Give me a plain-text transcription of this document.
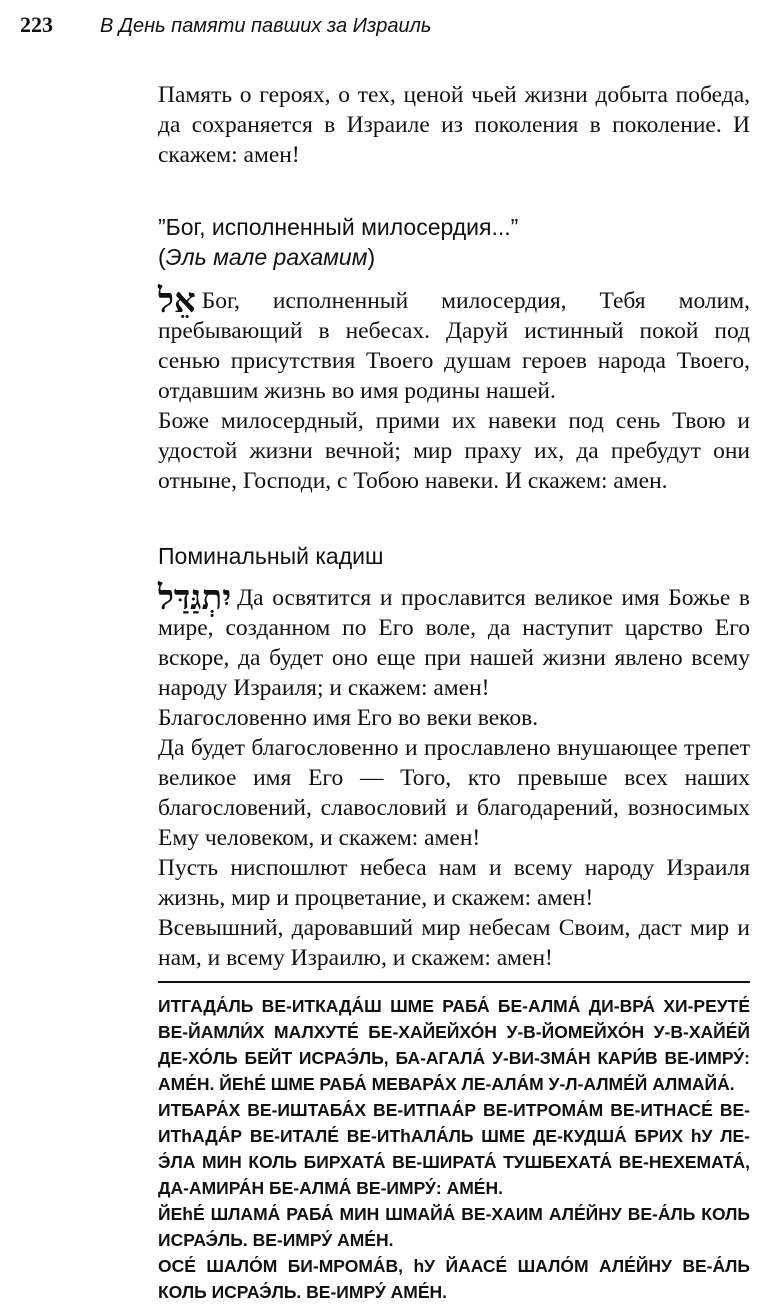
223 В День памяти павших за Израиль

Память о героях, о тех, ценой чьей жизни добыта победа, да сохраняется в Израиле из поколения в поколение. И скажем: амен!

”Бог, исполненный милосердия...”
(Эль мале рахамим)

אֵל Бог, исполненный милосердия, Тебя молим, пребывающий в небесах. Даруй истинный покой под сенью присутствия Твоего душам героев народа Твоего, отдавшим жизнь во имя родины нашей.

Боже милосердный, прими их навеки под сень Твою и удостой жизни вечной; мир праху их, да пребудут они отныне, Господи, с Тобою навеки. И скажем: амен.

Поминальный кадиш

יִתְגַּדַּל Да освятится и прославится великое имя Божье в мире, созданном по Его воле, да наступит царство Его вскоре, да будет оно еще при нашей жизни явлено всему народу Израиля; и скажем: амен!

Благословенно имя Его во веки веков.

Да будет благословенно и прославлено внушающее трепет великое имя Его — Того, кто превыше всех наших благословений, славословий и благодарений, возносимых Ему человеком, и скажем: амен!

Пусть ниспошлют небеса нам и всему народу Израиля жизнь, мир и процветание, и скажем: амен!

Всевышний, даровавший мир небесам Своим, даст мир и нам, и всему Израилю, и скажем: амен!

ИТГАДА́ЛЬ ВЕ-ИТКАДА́Ш ШМЕ РАБА́ БЕ-АЛМА́ ДИ-ВРА́ ХИ-РЕУТЕ́ ВЕ-ЙАМЛИ́Х МАЛХУТЕ́ БЕ-ХАЙЕЙХО́Н У-В-ЙОМЕЙХО́Н У-В-ХАЙЕ́Й ДЕ-ХО́ЛЬ БЕЙТ ИСРАЭ́ЛЬ, БА-АГАЛА́ У-ВИ-ЗМА́Н КАРИ́В ВЕ-ИМРУ́: АМЕ́Н. ЙЕhЕ́ ШМЕ РАБА́ МЕВАРА́Х ЛЕ-АЛА́М У-Л-АЛМЕ́Й АЛМАЙА́.

ИТБАРА́Х ВЕ-ИШТАБА́Х ВЕ-ИТПАА́Р ВЕ-ИТРОМА́М ВЕ-ИТНАСЕ́ ВЕ-ИТhАДА́Р ВЕ-ИТАЛЕ́ ВЕ-ИТhАЛА́ЛЬ ШМЕ ДЕ-КУДША́ БРИХ hУ ЛЕ-Э́ЛА МИН КОЛЬ БИРХАТА́ ВЕ-ШИРАТА́ ТУШБЕХАТА́ ВЕ-НЕХЕМАТА́, ДА-АМИРА́Н БЕ-АЛМА́ ВЕ-ИМРУ́: АМЕ́Н.

ЙЕhЕ́ ШЛАМА́ РАБА́ МИН ШМАЙА́ ВЕ-ХАИМ АЛЕ́ЙНУ ВЕ-А́ЛЬ КОЛЬ ИСРАЭ́ЛЬ. ВЕ-ИМРУ́ АМЕ́Н.

ОСЕ́ ШАЛО́М БИ-МРОМА́В, hУ ЙААСЕ́ ШАЛО́М АЛЕ́ЙНУ ВЕ-А́ЛЬ КОЛЬ ИСРАЭ́ЛЬ. ВЕ-ИМРУ́ АМЕ́Н.
